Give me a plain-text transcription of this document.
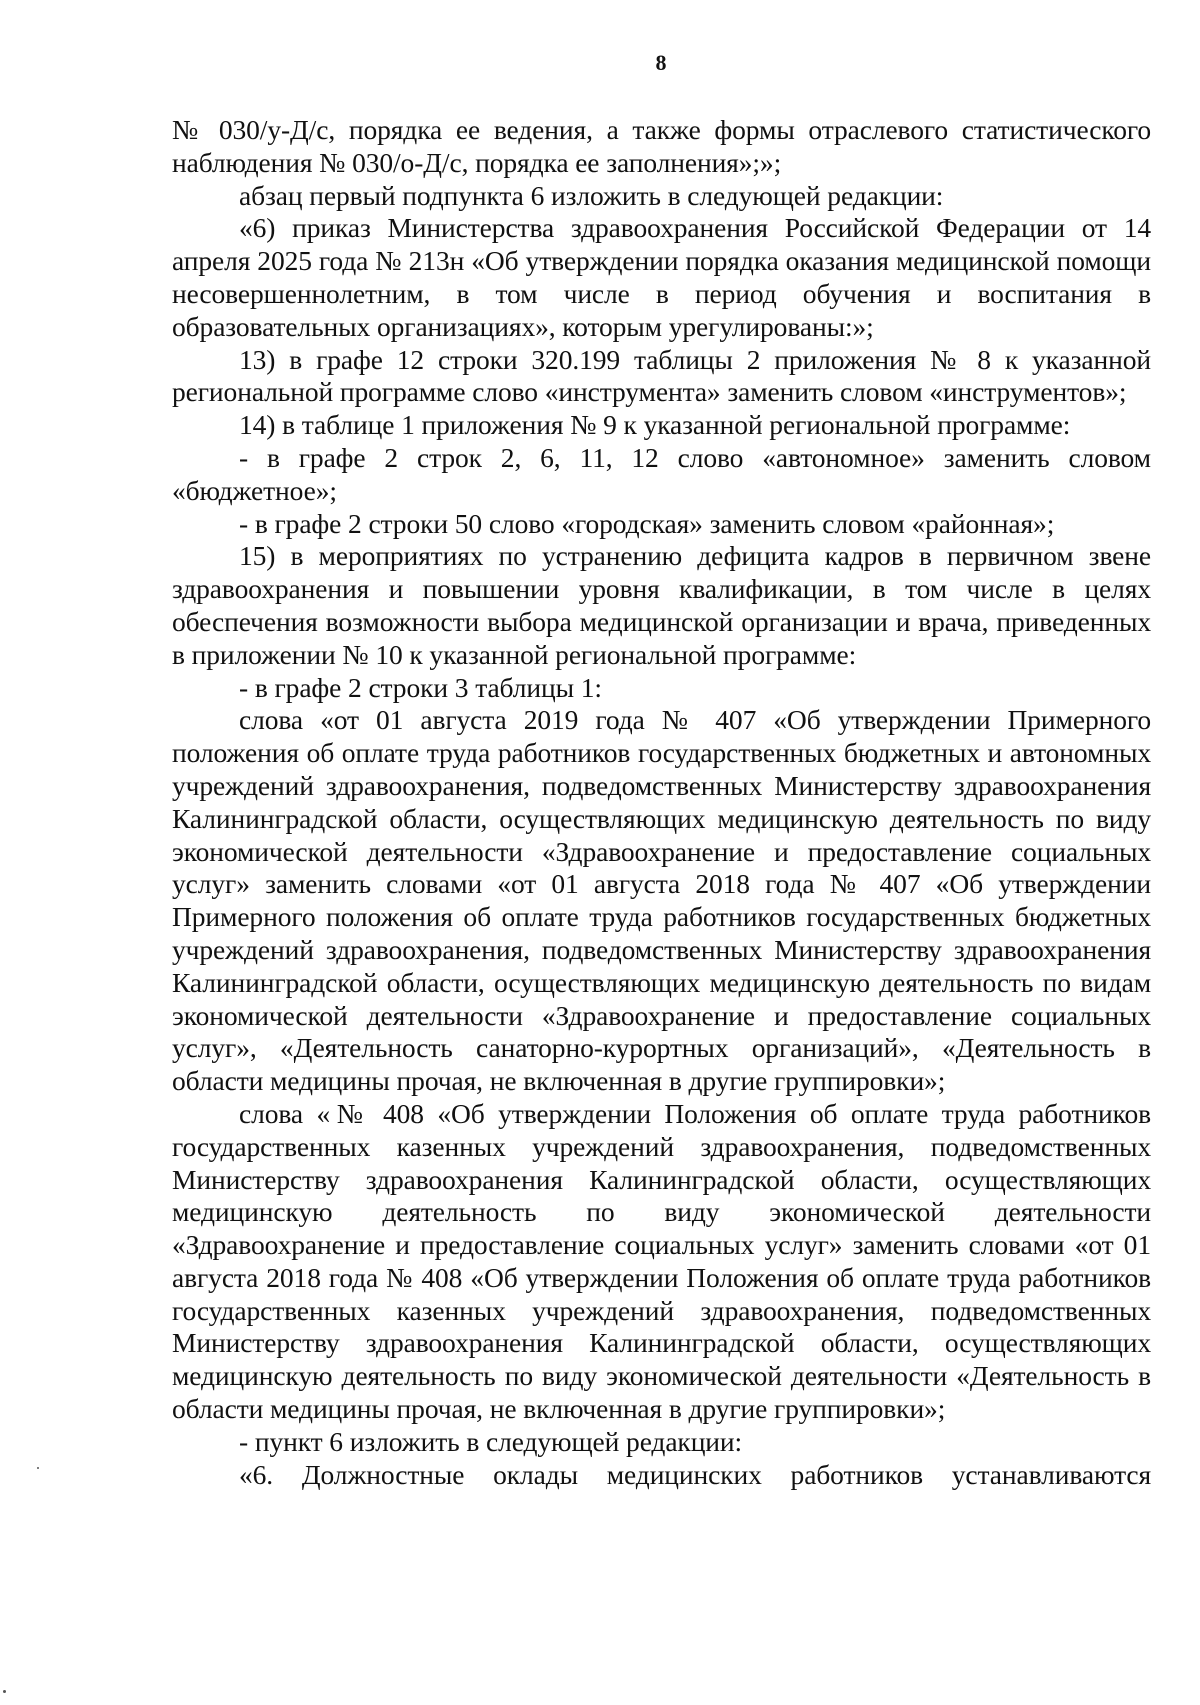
8

№ 030/у-Д/с, порядка ее ведения, а также формы отраслевого статистического наблюдения № 030/о-Д/с, порядка ее заполнения»;»;

абзац первый подпункта 6 изложить в следующей редакции:

«6) приказ Министерства здравоохранения Российской Федерации от 14 апреля 2025 года № 213н «Об утверждении порядка оказания медицинской помощи несовершеннолетним, в том числе в период обучения и воспитания в образовательных организациях», которым урегулированы:»;

13) в графе 12 строки 320.199 таблицы 2 приложения № 8 к указанной региональной программе слово «инструмента» заменить словом «инструментов»;

14) в таблице 1 приложения № 9 к указанной региональной программе:

- в графе 2 строк 2, 6, 11, 12 слово «автономное» заменить словом «бюджетное»;

- в графе 2 строки 50 слово «городская» заменить словом «районная»;

15) в мероприятиях по устранению дефицита кадров в первичном звене здравоохранения и повышении уровня квалификации, в том числе в целях обеспечения возможности выбора медицинской организации и врача, приведенных в приложении № 10 к указанной региональной программе:

- в графе 2 строки 3 таблицы 1:

слова «от 01 августа 2019 года № 407 «Об утверждении Примерного положения об оплате труда работников государственных бюджетных и автономных учреждений здравоохранения, подведомственных Министерству здравоохранения Калининградской области, осуществляющих медицинскую деятельность по виду экономической деятельности «Здравоохранение и предоставление социальных услуг» заменить словами «от 01 августа 2018 года № 407 «Об утверждении Примерного положения об оплате труда работников государственных бюджетных учреждений здравоохранения, подведомственных Министерству здравоохранения Калининградской области, осуществляющих медицинскую деятельность по видам экономической деятельности «Здравоохранение и предоставление социальных услуг», «Деятельность санаторно-курортных организаций», «Деятельность в области медицины прочая, не включенная в другие группировки»;

слова «№ 408 «Об утверждении Положения об оплате труда работников государственных казенных учреждений здравоохранения, подведомственных Министерству здравоохранения Калининградской области, осуществляющих медицинскую деятельность по виду экономической деятельности «Здравоохранение и предоставление социальных услуг» заменить словами «от 01 августа 2018 года № 408 «Об утверждении Положения об оплате труда работников государственных казенных учреждений здравоохранения, подведомственных Министерству здравоохранения Калининградской области, осуществляющих медицинскую деятельность по виду экономической деятельности «Деятельность в области медицины прочая, не включенная в другие группировки»;

- пункт 6 изложить в следующей редакции:

«6. Должностные оклады медицинских работников устанавливаются
